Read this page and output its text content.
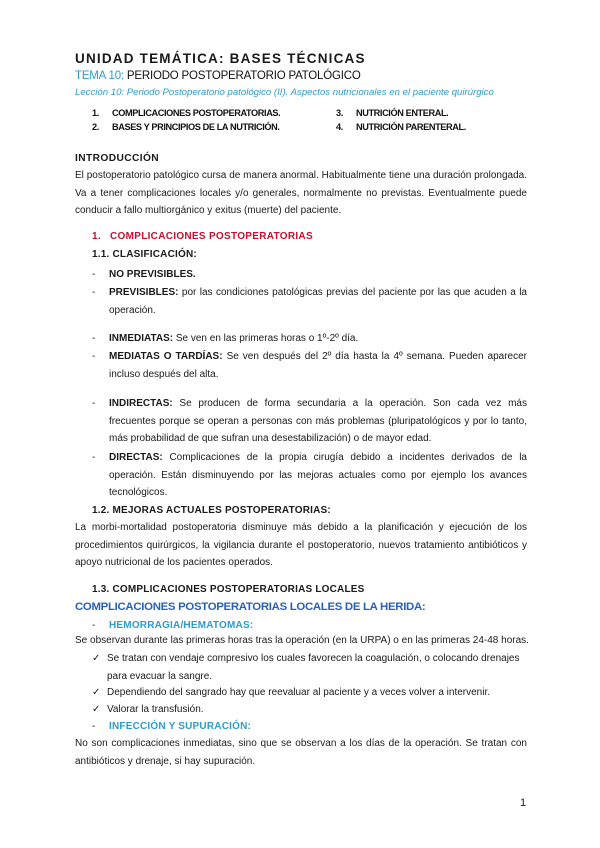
UNIDAD TEMÁTICA: BASES TÉCNICAS
TEMA 10: PERIODO POSTOPERATORIO PATOLÓGICO
Lección 10: Periodo Postoperatorio patológico (II). Aspectos nutricionales en el paciente quirúrgico
1. COMPLICACIONES POSTOPERATORIAS.
2. BASES Y PRINCIPIOS DE LA NUTRICIÓN.
3. NUTRICIÓN ENTERAL.
4. NUTRICIÓN PARENTERAL.
INTRODUCCIÓN
El postoperatorio patológico cursa de manera anormal. Habitualmente tiene una duración prolongada. Va a tener complicaciones locales y/o generales, normalmente no previstas. Eventualmente puede conducir a fallo multiorgánico y exitus (muerte) del paciente.
1. COMPLICACIONES POSTOPERATORIAS
1.1. CLASIFICACIÓN:
- NO PREVISIBLES.
- PREVISIBLES: por las condiciones patológicas previas del paciente por las que acuden a la operación.
- INMEDIATAS: Se ven en las primeras horas o 1º-2º día.
- MEDIATAS O TARDÍAS: Se ven después del 2º día hasta la 4º semana. Pueden aparecer incluso después del alta.
- INDIRECTAS: Se producen de forma secundaria a la operación. Son cada vez más frecuentes porque se operan a personas con más problemas (pluripatológicos y por lo tanto, más probabilidad de que sufran una desestabilización) o de mayor edad.
- DIRECTAS: Complicaciones de la propia cirugía debido a incidentes derivados de la operación. Están disminuyendo por las mejoras actuales como por ejemplo los avances tecnológicos.
1.2. MEJORAS ACTUALES POSTOPERATORIAS:
La morbi-mortalidad postoperatoria disminuye más debido a la planificación y ejecución de los procedimientos quirúrgicos, la vigilancia durante el postoperatorio, nuevos tratamiento antibióticos y apoyo nutricional de los pacientes operados.
1.3. COMPLICACIONES POSTOPERATORIAS LOCALES
COMPLICACIONES POSTOPERATORIAS LOCALES DE LA HERIDA:
- HEMORRAGIA/HEMATOMAS:
Se observan durante las primeras horas tras la operación (en la URPA) o en las primeras 24-48 horas.
✓ Se tratan con vendaje compresivo los cuales favorecen la coagulación, o colocando drenajes para evacuar la sangre.
✓ Dependiendo del sangrado hay que reevaluar al paciente y a veces volver a intervenir.
✓ Valorar la transfusión.
- INFECCIÓN Y SUPURACIÓN:
No son complicaciones inmediatas, sino que se observan a los días de la operación. Se tratan con antibióticos y drenaje, si hay supuración.
1
